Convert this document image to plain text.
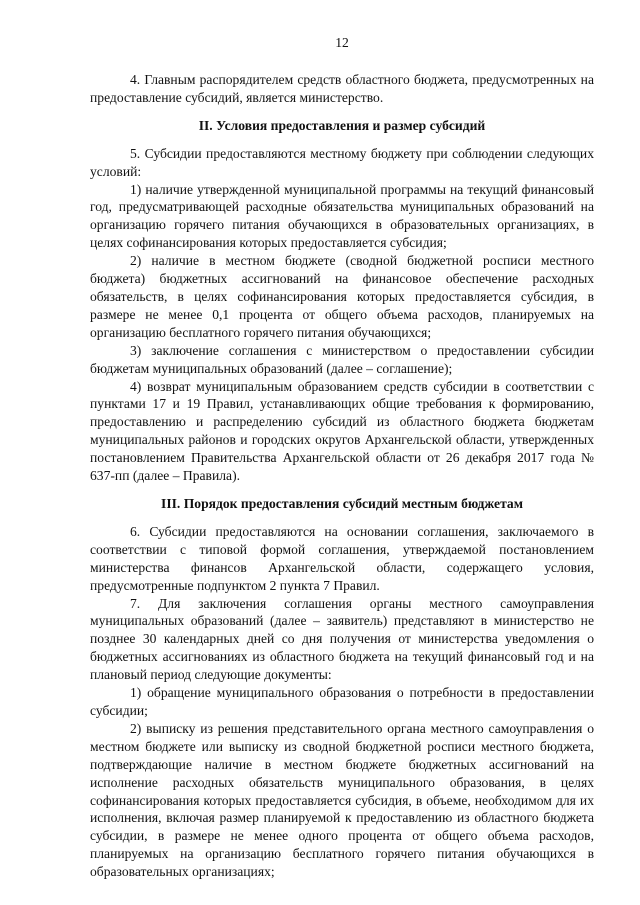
12

4. Главным распорядителем средств областного бюджета, предусмотренных на предоставление субсидий, является министерство.

II. Условия предоставления и размер субсидий

5. Субсидии предоставляются местному бюджету при соблюдении следующих условий:

1) наличие утвержденной муниципальной программы на текущий финансовый год, предусматривающей расходные обязательства муниципальных образований на организацию горячего питания обучающихся в образовательных организациях, в целях софинансирования которых предоставляется субсидия;

2) наличие в местном бюджете (сводной бюджетной росписи местного бюджета) бюджетных ассигнований на финансовое обеспечение расходных обязательств, в целях софинансирования которых предоставляется субсидия, в размере не менее 0,1 процента от общего объема расходов, планируемых на организацию бесплатного горячего питания обучающихся;

3) заключение соглашения с министерством о предоставлении субсидии бюджетам муниципальных образований (далее – соглашение);

4) возврат муниципальным образованием средств субсидии в соответствии с пунктами 17 и 19 Правил, устанавливающих общие требования к формированию, предоставлению и распределению субсидий из областного бюджета бюджетам муниципальных районов и городских округов Архангельской области, утвержденных постановлением Правительства Архангельской области от 26 декабря 2017 года № 637-пп (далее – Правила).

III. Порядок предоставления субсидий местным бюджетам

6. Субсидии предоставляются на основании соглашения, заключаемого в соответствии с типовой формой соглашения, утверждаемой постановлением министерства финансов Архангельской области, содержащего условия, предусмотренные подпунктом 2 пункта 7 Правил.

7. Для заключения соглашения органы местного самоуправления муниципальных образований (далее – заявитель) представляют в министерство не позднее 30 календарных дней со дня получения от министерства уведомления о бюджетных ассигнованиях из областного бюджета на текущий финансовый год и на плановый период следующие документы:

1) обращение муниципального образования о потребности в предоставлении субсидии;

2) выписку из решения представительного органа местного самоуправления о местном бюджете или выписку из сводной бюджетной росписи местного бюджета, подтверждающие наличие в местном бюджете бюджетных ассигнований на исполнение расходных обязательств муниципального образования, в целях софинансирования которых предоставляется субсидия, в объеме, необходимом для их исполнения, включая размер планируемой к предоставлению из областного бюджета субсидии, в размере не менее одного процента от общего объема расходов, планируемых на организацию бесплатного горячего питания обучающихся в образовательных организациях;
